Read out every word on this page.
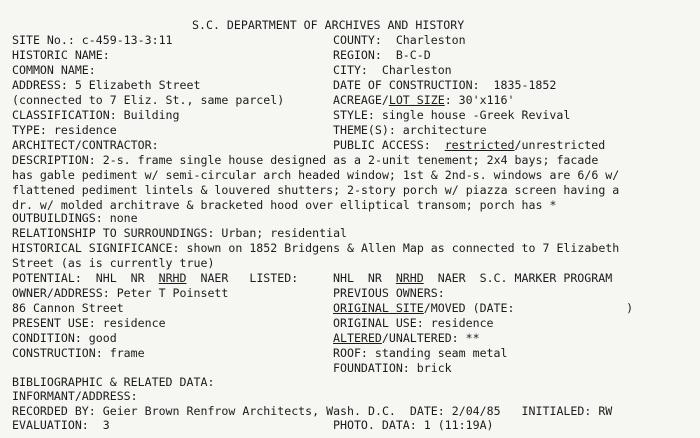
S.C. DEPARTMENT OF ARCHIVES AND HISTORY
SITE No.: c-459-13-3:11
HISTORIC NAME:
COMMON NAME:
ADDRESS: 5 Elizabeth Street
(connected to 7 Eliz. St., same parcel)
CLASSIFICATION: Building
TYPE: residence
ARCHITECT/CONTRACTOR:
COUNTY:  Charleston
REGION:  B-C-D
CITY:  Charleston
DATE OF CONSTRUCTION:  1835-1852
ACREAGE/LOT SIZE: 30'x116'
STYLE: single house -Greek Revival
THEME(S): architecture
PUBLIC ACCESS:  restricted/unrestricted
DESCRIPTION: 2-s. frame single house designed as a 2-unit tenement; 2x4 bays; facade
has gable pediment w/ semi-circular arch headed window; 1st & 2nd-s. windows are 6/6 w/
flattened pediment lintels & louvered shutters; 2-story porch w/ piazza screen having a
dr. w/ molded architrave & bracketed hood over elliptical transom; porch has *
OUTBUILDINGS: none
RELATIONSHIP TO SURROUNDINGS: Urban; residential
HISTORICAL SIGNIFICANCE: shown on 1852 Bridgens & Allen Map as connected to 7 Elizabeth
Street (as is currently true)
POTENTIAL:  NHL  NR  NRHD  NAER   LISTED:	NHL  NR  NRHD  NAER  S.C. MARKER PROGRAM
OWNER/ADDRESS: Peter T Poinsett
86 Cannon Street
PRESENT USE: residence
CONDITION: good
CONSTRUCTION: frame
PREVIOUS OWNERS:
ORIGINAL SITE/MOVED (DATE:                )
ORIGINAL USE: residence
ALTERED/UNALTERED: **
ROOF: standing seam metal
FOUNDATION: brick
BIBLIOGRAPHIC & RELATED DATA:
INFORMANT/ADDRESS:
RECORDED BY: Geier Brown Renfrow Architects, Wash. D.C.  DATE: 2/04/85   INITIALED: RW
EVALUATION:  3	PHOTO. DATA: 1 (11:19A)
